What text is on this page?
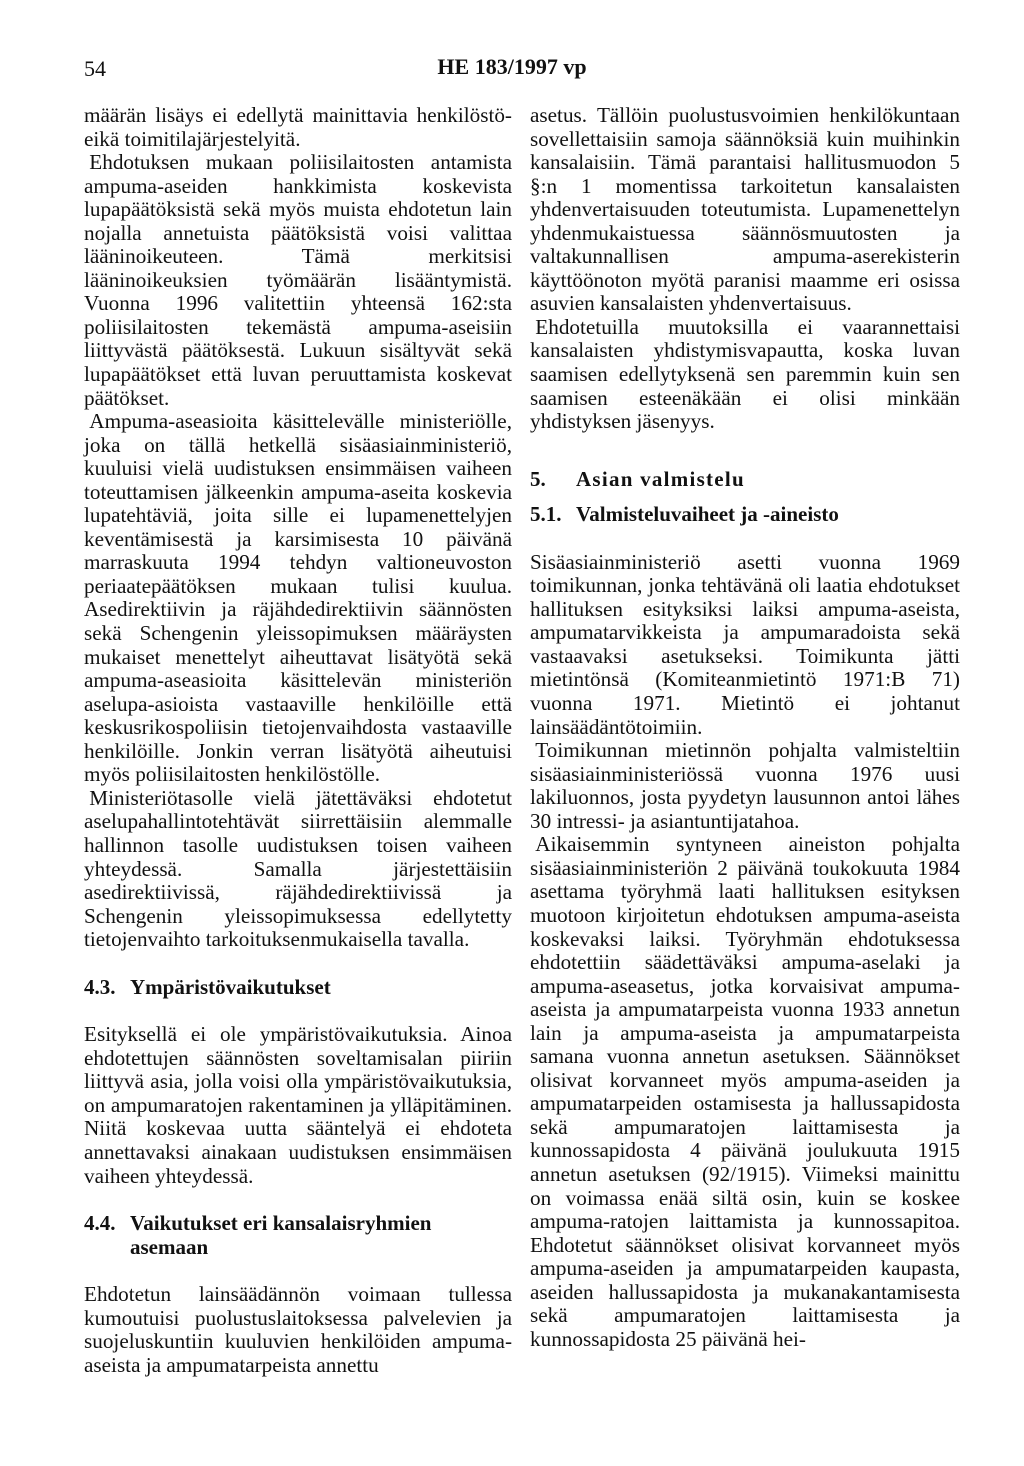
54	HE 183/1997 vp

määrän lisäys ei edellytä mainittavia henkilöstö- eikä toimitilajärjestelyitä.

Ehdotuksen mukaan poliisilaitosten antamista ampuma-aseiden hankkimista koskevista lupapäätöksistä sekä myös muista ehdotetun lain nojalla annetuista päätöksistä voisi valittaa lääninoikeuteen. Tämä merkitsisi lääninoikeuksien työmäärän lisääntymistä. Vuonna 1996 valitettiin yhteensä 162:sta poliisilaitosten tekemästä ampuma-aseisiin liittyvästä päätöksestä. Lukuun sisältyvät sekä lupapäätökset että luvan peruuttamista koskevat päätökset.

Ampuma-aseasioita käsittelevälle ministeriölle, joka on tällä hetkellä sisäasiainministeriö, kuuluisi vielä uudistuksen ensimmäisen vaiheen toteuttamisen jälkeenkin ampuma-aseita koskevia lupatehtäviä, joita sille ei lupamenettelyjen keventämisestä ja karsimisesta 10 päivänä marraskuuta 1994 tehdyn valtioneuvoston periaatepäätöksen mukaan tulisi kuulua. Asedirektiivin ja räjähdedirektiivin säännösten sekä Schengenin yleissopimuksen määräysten mukaiset menettelyt aiheuttavat lisätyötä sekä ampuma-aseasioita käsittelevän ministeriön aselupa-asioista vastaaville henkilöille että keskusrikospoliisin tietojenvaihdosta vastaaville henkilöille. Jonkin verran lisätyötä aiheutuisi myös poliisilaitosten henkilöstölle.

Ministeriötasolle vielä jätettäväksi ehdotetut aselupahallintotehtävät siirrettäisiin alemmalle hallinnon tasolle uudistuksen toisen vaiheen yhteydessä. Samalla järjestettäisiin asedirektiivissä, räjähdedirektiivissä ja Schengenin yleissopimuksessa edellytetty tietojenvaihto tarkoituksenmukaisella tavalla.

4.3. Ympäristövaikutukset

Esityksellä ei ole ympäristövaikutuksia. Ainoa ehdotettujen säännösten soveltamisalan piiriin liittyvä asia, jolla voisi olla ympäristövaikutuksia, on ampumaratojen rakentaminen ja ylläpitäminen. Niitä koskevaa uutta sääntelyä ei ehdoteta annettavaksi ainakaan uudistuksen ensimmäisen vaiheen yhteydessä.

4.4. Vaikutukset eri kansalaisryhmien asemaan

Ehdotetun lainsäädännön voimaan tullessa kumoutuisi puolustuslaitoksessa palvelevien ja suojeluskuntiin kuuluvien henkilöiden ampuma-aseista ja ampumatarpeista annettu

asetus. Tällöin puolustusvoimien henkilökuntaan sovellettaisiin samoja säännöksiä kuin muihinkin kansalaisiin. Tämä parantaisi hallitusmuodon 5 §:n 1 momentissa tarkoitetun kansalaisten yhdenvertaisuuden toteutumista. Lupamenettelyn yhdenmukaistuessa säännösmuutosten ja valtakunnallisen ampuma-aserekisterin käyttöönoton myötä paranisi maamme eri osissa asuvien kansalaisten yhdenvertaisuus.

Ehdotetuilla muutoksilla ei vaarannettaisi kansalaisten yhdistymisvapautta, koska luvan saamisen edellytyksenä sen paremmin kuin sen saamisen esteenäkään ei olisi minkään yhdistyksen jäsenyys.

5.	Asian valmistelu
5.1. Valmisteluvaiheet ja -aineisto

Sisäasiainministeriö asetti vuonna 1969 toimikunnan, jonka tehtävänä oli laatia ehdotukset hallituksen esityksiksi laiksi ampuma-aseista, ampumatarvikkeista ja ampumaradoista sekä vastaavaksi asetukseksi. Toimikunta jätti mietintönsä (Komiteanmietintö 1971:B 71) vuonna 1971. Mietintö ei johtanut lainsäädäntötoimiin.

Toimikunnan mietinnön pohjalta valmisteltiin sisäasiainministeriössä vuonna 1976 uusi lakiluonnos, josta pyydetyn lausunnon antoi lähes 30 intressi- ja asiantuntijatahoa.

Aikaisemmin syntyneen aineiston pohjalta sisäasiainministeriön 2 päivänä toukokuuta 1984 asettama työryhmä laati hallituksen esityksen muotoon kirjoitetun ehdotuksen ampuma-aseista koskevaksi laiksi. Työryhmän ehdotuksessa ehdotettiin säädettäväksi ampuma-aselaki ja ampuma-aseasetus, jotka korvaisivat ampuma-aseista ja ampumatarpeista vuonna 1933 annetun lain ja ampuma-aseista ja ampumatarpeista samana vuonna annetun asetuksen. Säännökset olisivat korvanneet myös ampuma-aseiden ja ampumatarpeiden ostamisesta ja hallussapidosta sekä ampumaratojen laittamisesta ja kunnossapidosta 4 päivänä joulukuuta 1915 annetun asetuksen (92/1915). Viimeksi mainittu on voimassa enää siltä osin, kuin se koskee ampuma-ratojen laittamista ja kunnossapitoa. Ehdotetut säännökset olisivat korvanneet myös ampuma-aseiden ja ampumatarpeiden kaupasta, aseiden hallussapidosta ja mukanakantamisesta sekä ampumaratojen laittamisesta ja kunnossapidosta 25 päivänä hei-
